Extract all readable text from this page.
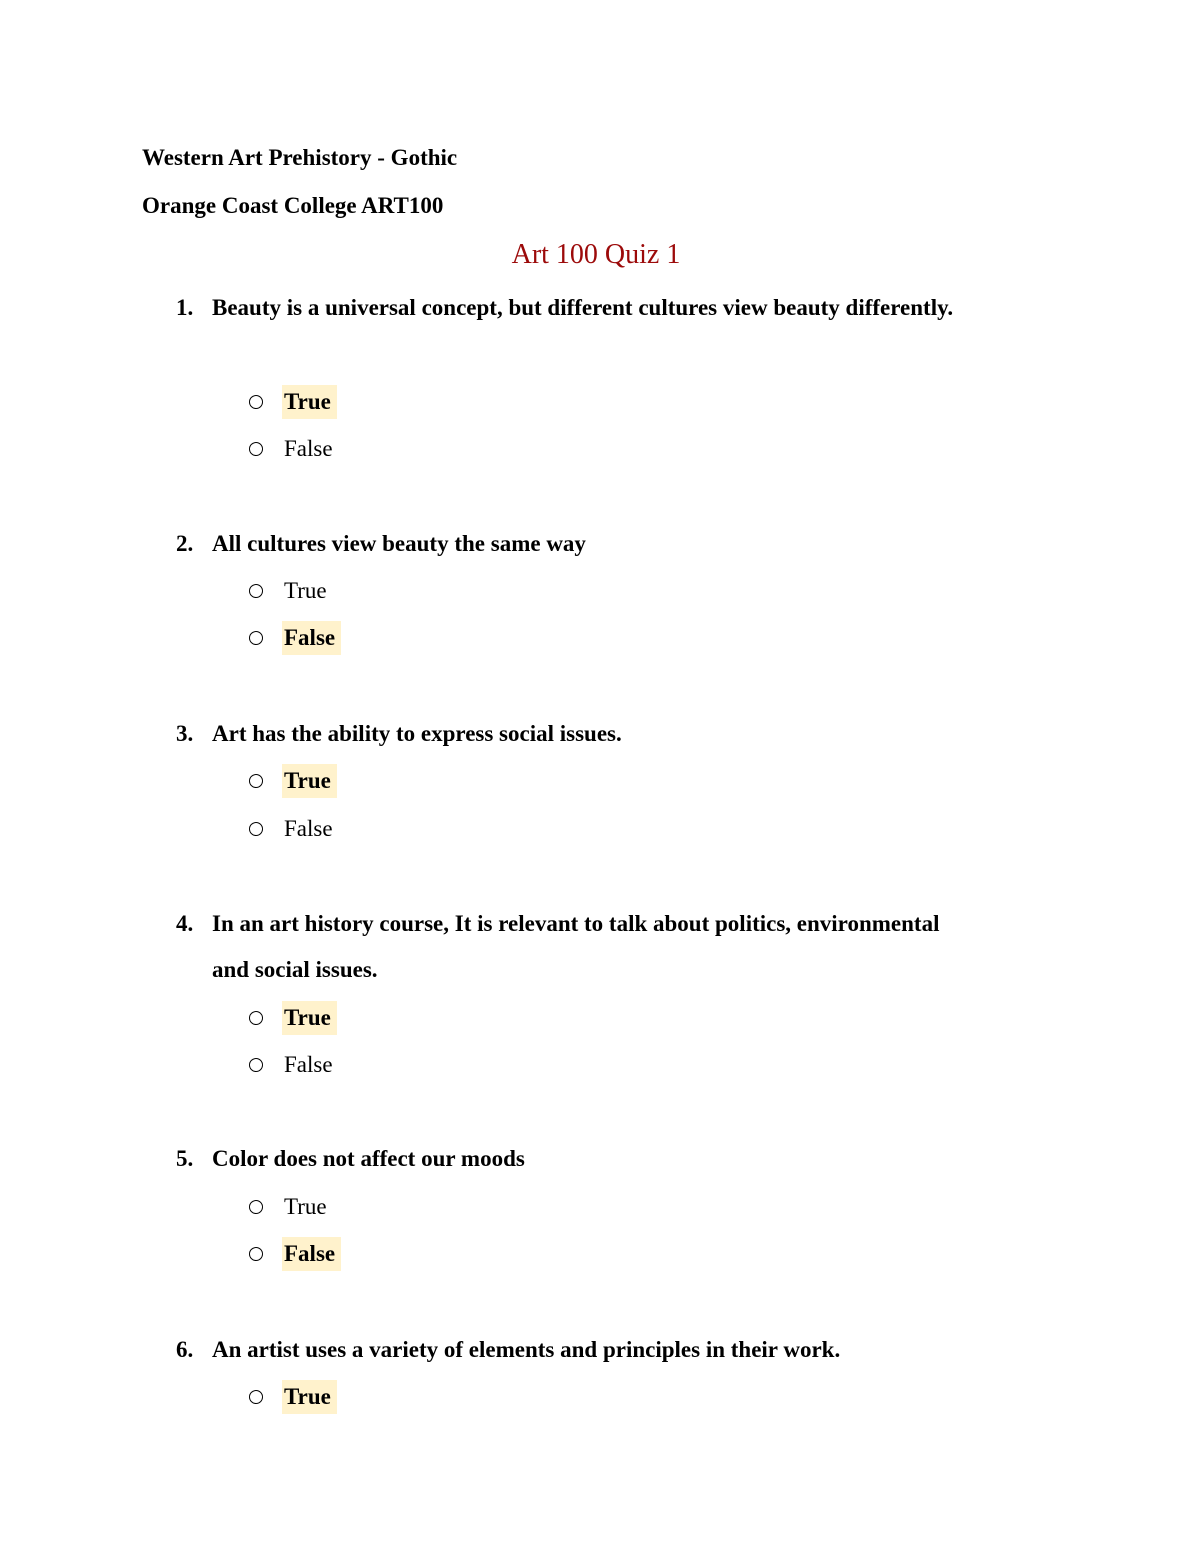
Western Art Prehistory - Gothic
Orange Coast College ART100
Art 100 Quiz 1
1. Beauty is a universal concept, but different cultures view beauty differently.
True
False
2. All cultures view beauty the same way
True
False
3. Art has the ability to express social issues.
True
False
4. In an art history course, It is relevant to talk about politics, environmental and social issues.
True
False
5. Color does not affect our moods
True
False
6. An artist uses a variety of elements and principles in their work.
True
